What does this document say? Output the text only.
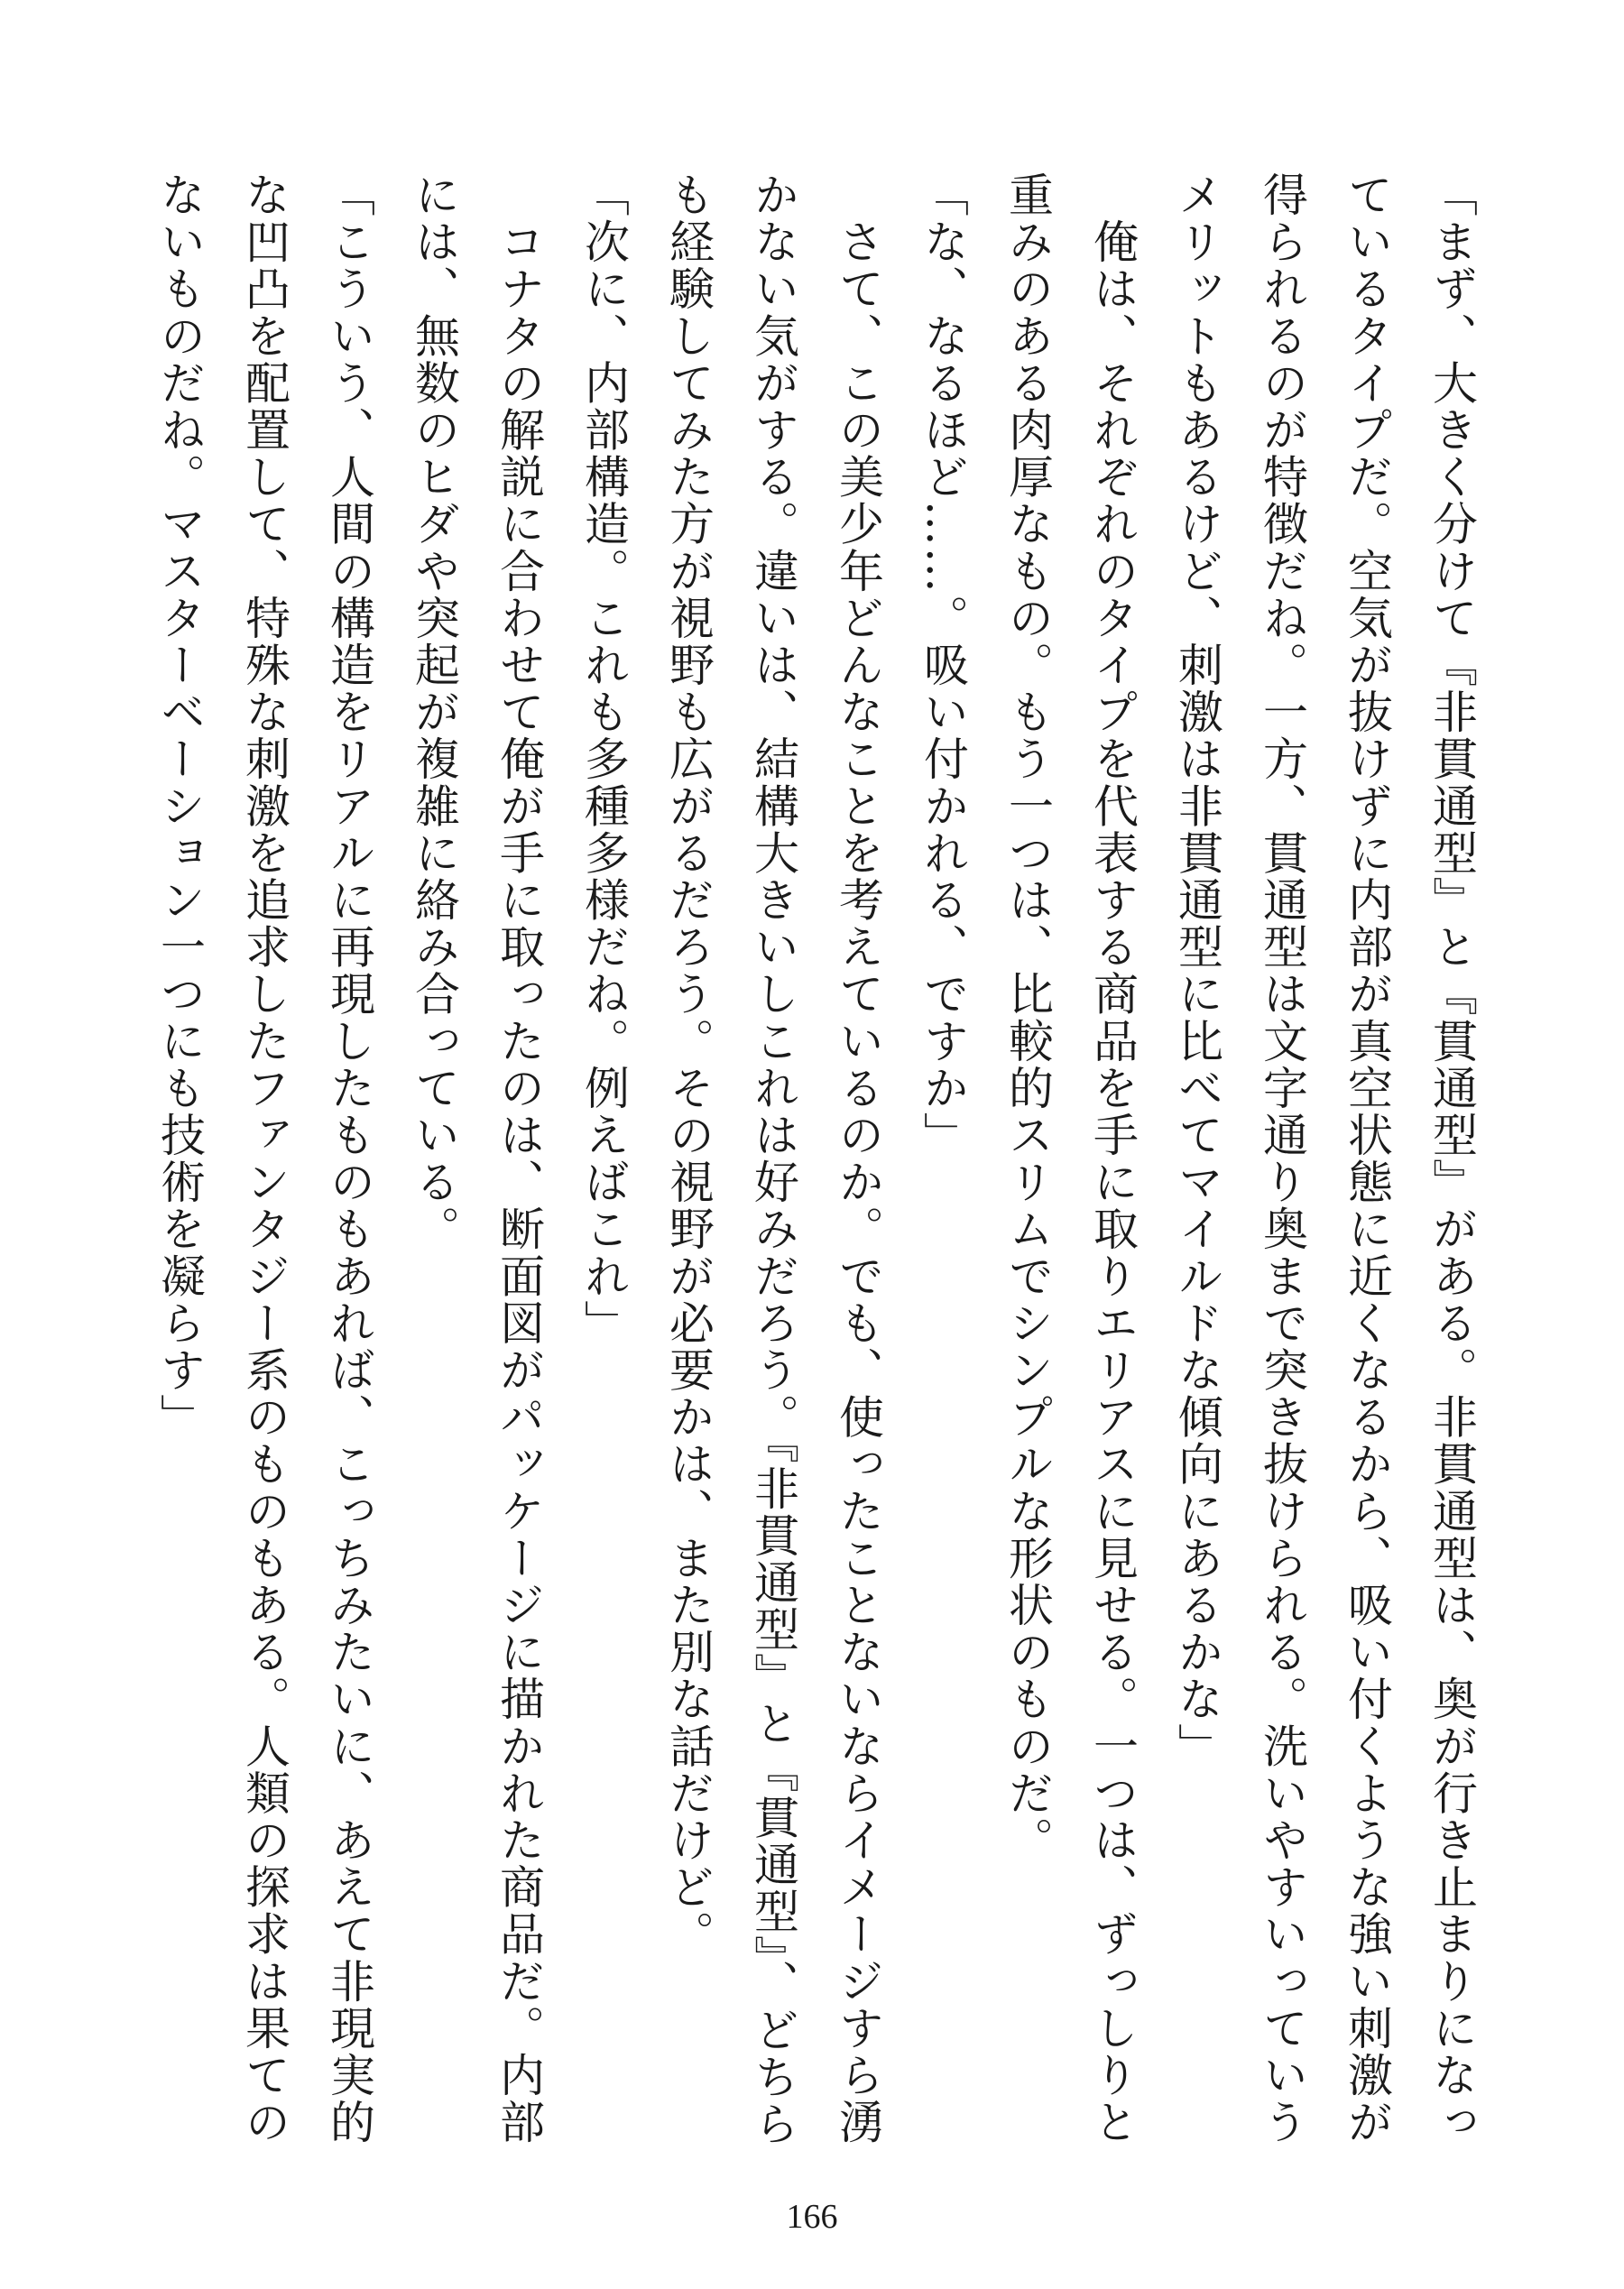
「まず、大きく分けて『非貫通型』と『貫通型』がある。非貫通型は、奥が行き止まりになっ
ているタイプだ。空気が抜けずに内部が真空状態に近くなるから、吸い付くような強い刺激が
得られるのが特徴だね。一方、貫通型は文字通り奥まで突き抜けられる。洗いやすいっていう
メリットもあるけど、刺激は非貫通型に比べてマイルドな傾向にあるかな」
　俺は、それぞれのタイプを代表する商品を手に取りエリアスに見せる。一つは、ずっしりと
重みのある肉厚なもの。もう一つは、比較的スリムでシンプルな形状のものだ。
「な、なるほど……。吸い付かれる、ですか」
　さて、この美少年どんなことを考えているのか。でも、使ったことないならイメージすら湧
かない気がする。違いは、結構大きいしこれは好みだろう。『非貫通型』と『貫通型』、どちら
も経験してみた方が視野も広がるだろう。その視野が必要かは、また別な話だけど。
「次に、内部構造。これも多種多様だね。例えばこれ」
　コナタの解説に合わせて俺が手に取ったのは、断面図がパッケージに描かれた商品だ。内部
には、無数のヒダや突起が複雑に絡み合っている。
「こういう、人間の構造をリアルに再現したものもあれば、こっちみたいに、あえて非現実的
な凹凸を配置して、特殊な刺激を追求したファンタジー系のものもある。人類の探求は果ての
ないものだね。マスターベーション一つにも技術を凝らす」
166
